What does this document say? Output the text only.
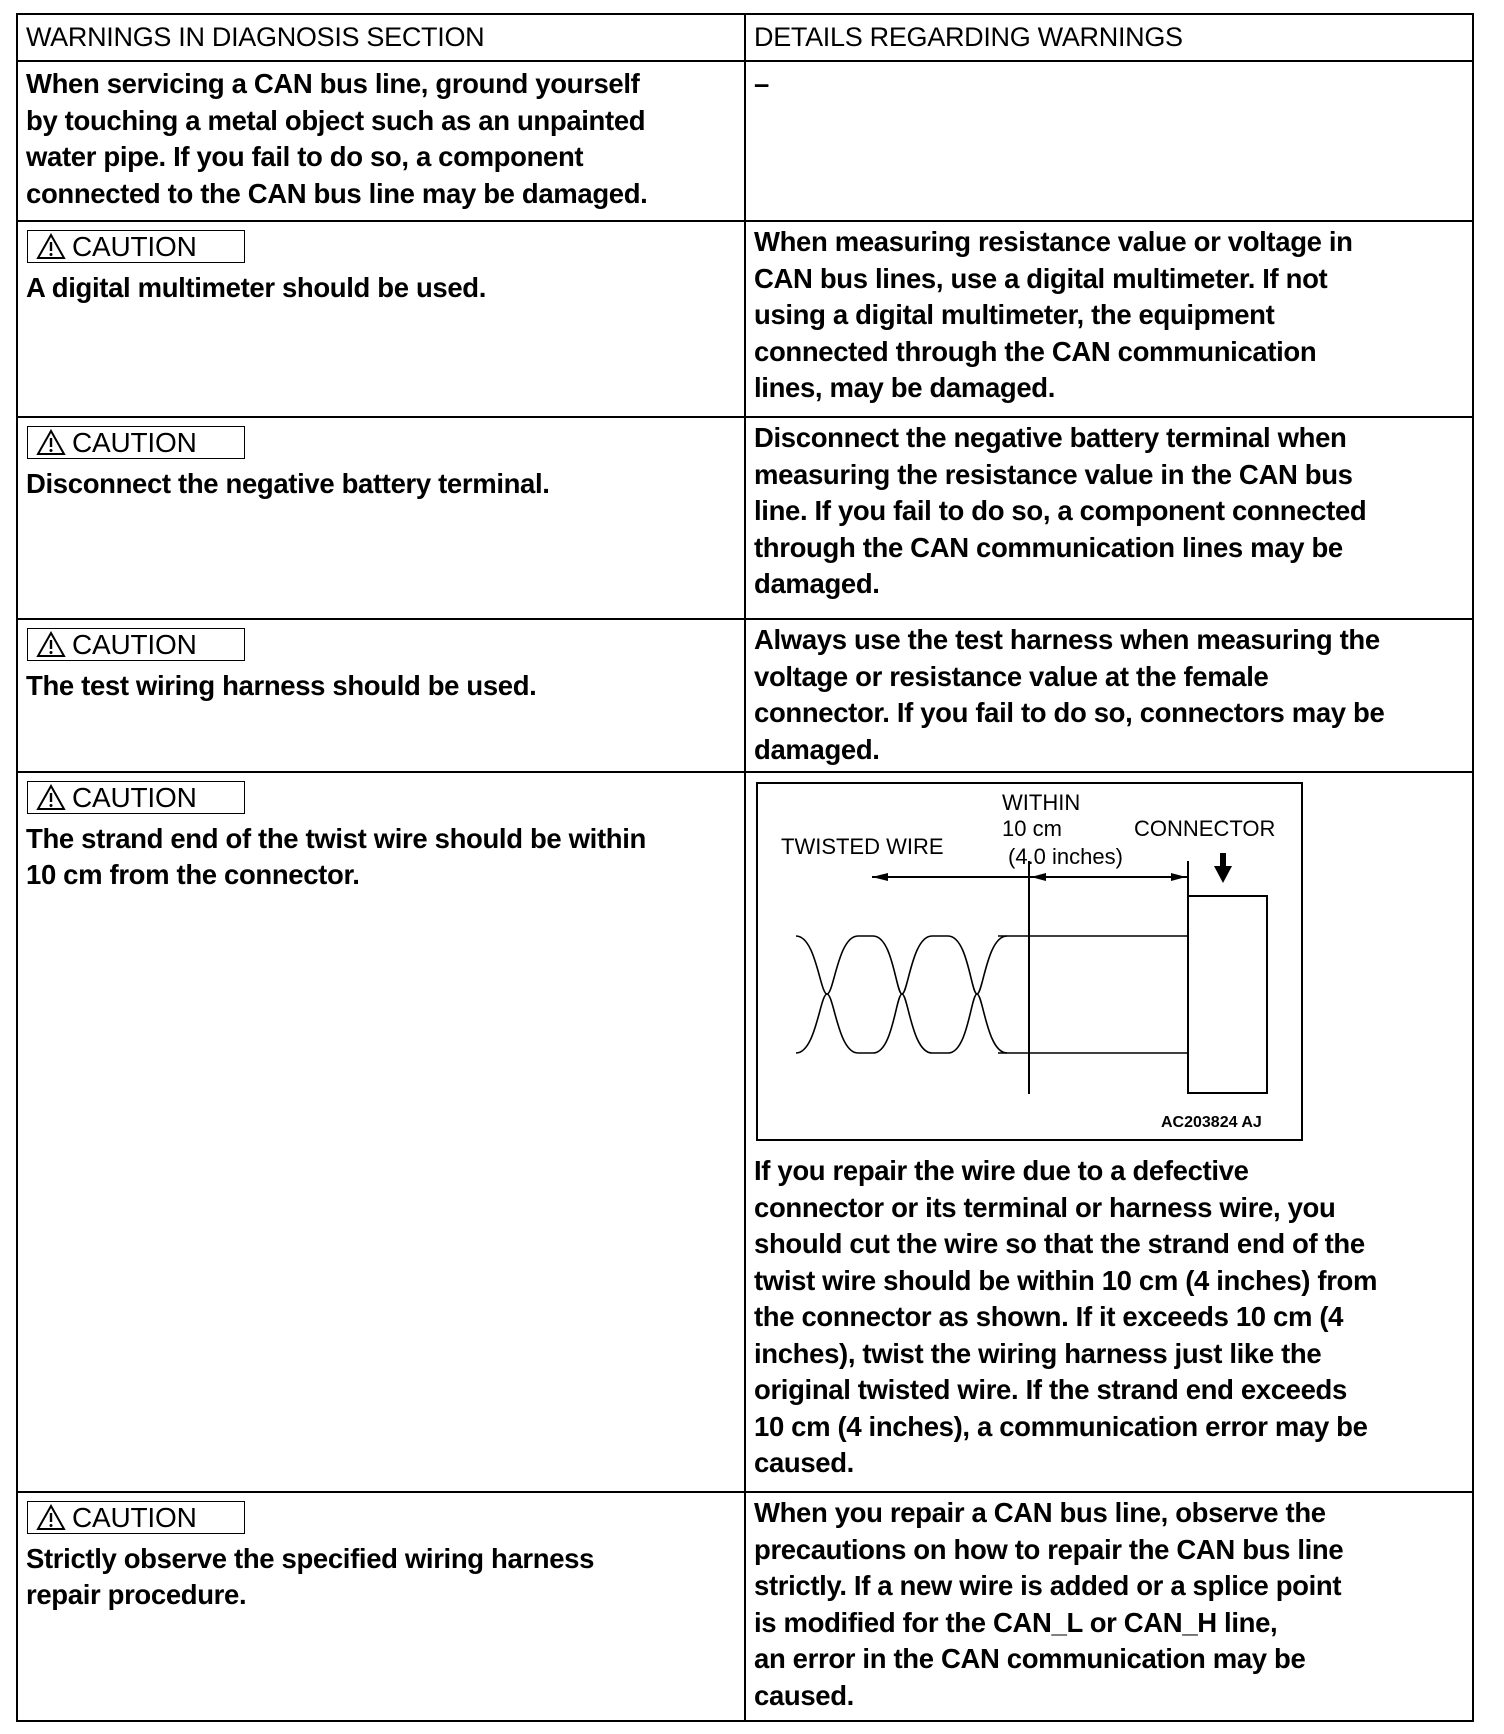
WARNINGS IN DIAGNOSIS SECTION	DETAILS REGARDING WARNINGS
When servicing a CAN bus line, ground yourself
by touching a metal object such as an unpainted
water pipe. If you fail to do so, a component
connected to the CAN bus line may be damaged.
–
CAUTION
A digital multimeter should be used.
When measuring resistance value or voltage in
CAN bus lines, use a digital multimeter. If not
using a digital multimeter, the equipment
connected through the CAN communication
lines, may be damaged.
CAUTION
Disconnect the negative battery terminal.
Disconnect the negative battery terminal when
measuring the resistance value in the CAN bus
line. If you fail to do so, a component connected
through the CAN communication lines may be
damaged.
CAUTION
The test wiring harness should be used.
Always use the test harness when measuring the
voltage or resistance value at the female
connector. If you fail to do so, connectors may be
damaged.
CAUTION
The strand end of the twist wire should be within
10 cm from the connector.
TWISTED WIRE
WITHIN
10 cm
(4.0 inches)
CONNECTOR
AC203824 AJ
If you repair the wire due to a defective
connector or its terminal or harness wire, you
should cut the wire so that the strand end of the
twist wire should be within 10 cm (4 inches) from
the connector as shown. If it exceeds 10 cm (4
inches), twist the wiring harness just like the
original twisted wire. If the strand end exceeds
10 cm (4 inches), a communication error may be
caused.
CAUTION
Strictly observe the specified wiring harness
repair procedure.
When you repair a CAN bus line, observe the
precautions on how to repair the CAN bus line
strictly. If a new wire is added or a splice point
is modified for the CAN_L or CAN_H line,
an error in the CAN communication may be
caused.
